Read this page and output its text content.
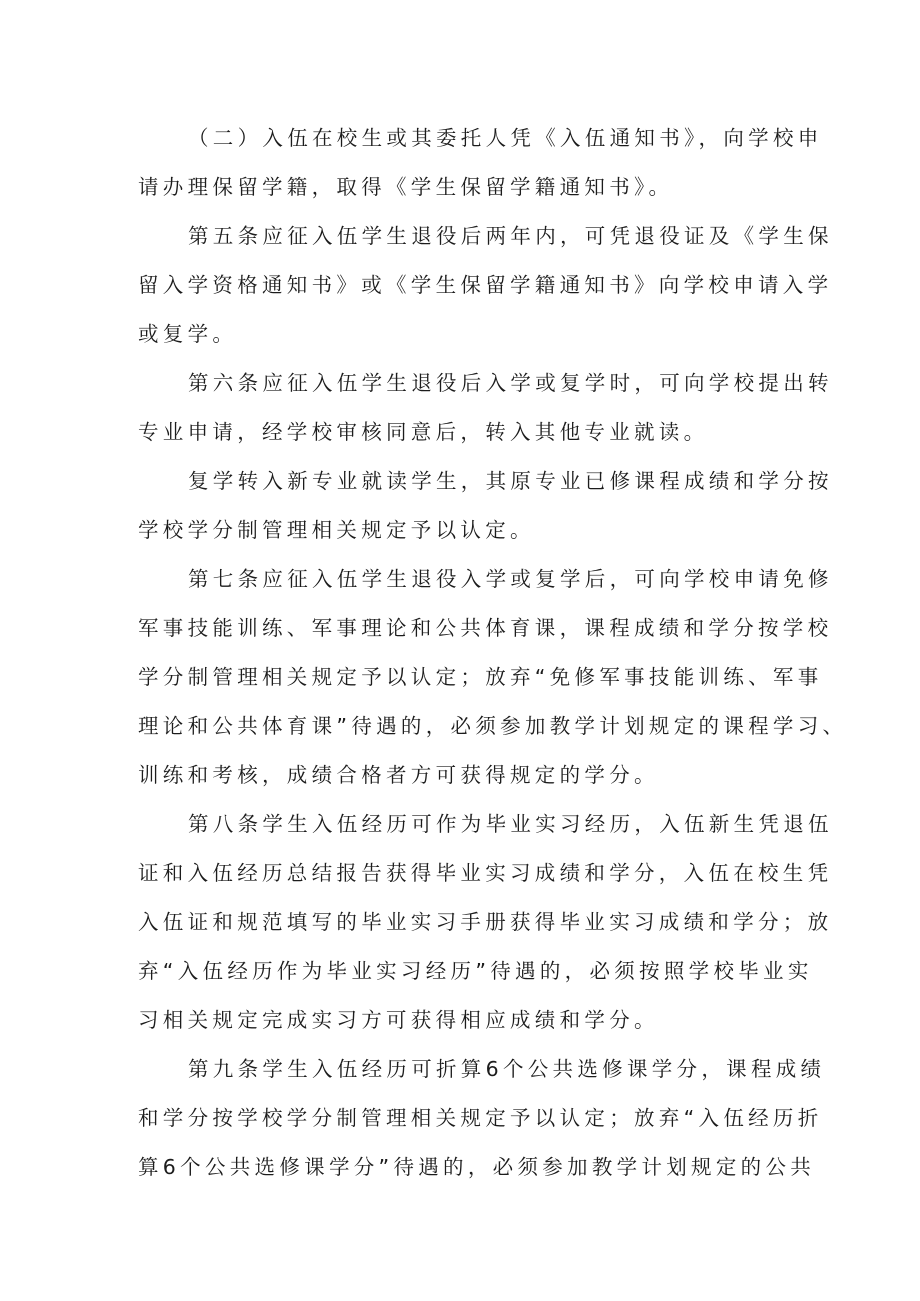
（二）入伍在校生或其委托人凭《入伍通知书》，向学校申
请办理保留学籍，取得《学生保留学籍通知书》。
第五条应征入伍学生退役后两年内，可凭退役证及《学生保
留入学资格通知书》或《学生保留学籍通知书》向学校申请入学
或复学。
第六条应征入伍学生退役后入学或复学时，可向学校提出转
专业申请，经学校审核同意后，转入其他专业就读。
复学转入新专业就读学生，其原专业已修课程成绩和学分按
学校学分制管理相关规定予以认定。
第七条应征入伍学生退役入学或复学后，可向学校申请免修
军事技能训练、军事理论和公共体育课，课程成绩和学分按学校
学分制管理相关规定予以认定；放弃“免修军事技能训练、军事
理论和公共体育课”待遇的，必须参加教学计划规定的课程学习、
训练和考核，成绩合格者方可获得规定的学分。
第八条学生入伍经历可作为毕业实习经历，入伍新生凭退伍
证和入伍经历总结报告获得毕业实习成绩和学分，入伍在校生凭
入伍证和规范填写的毕业实习手册获得毕业实习成绩和学分；放
弃“入伍经历作为毕业实习经历”待遇的，必须按照学校毕业实
习相关规定完成实习方可获得相应成绩和学分。
第九条学生入伍经历可折算6个公共选修课学分，课程成绩
和学分按学校学分制管理相关规定予以认定；放弃“入伍经历折
算6个公共选修课学分”待遇的，必须参加教学计划规定的公共
